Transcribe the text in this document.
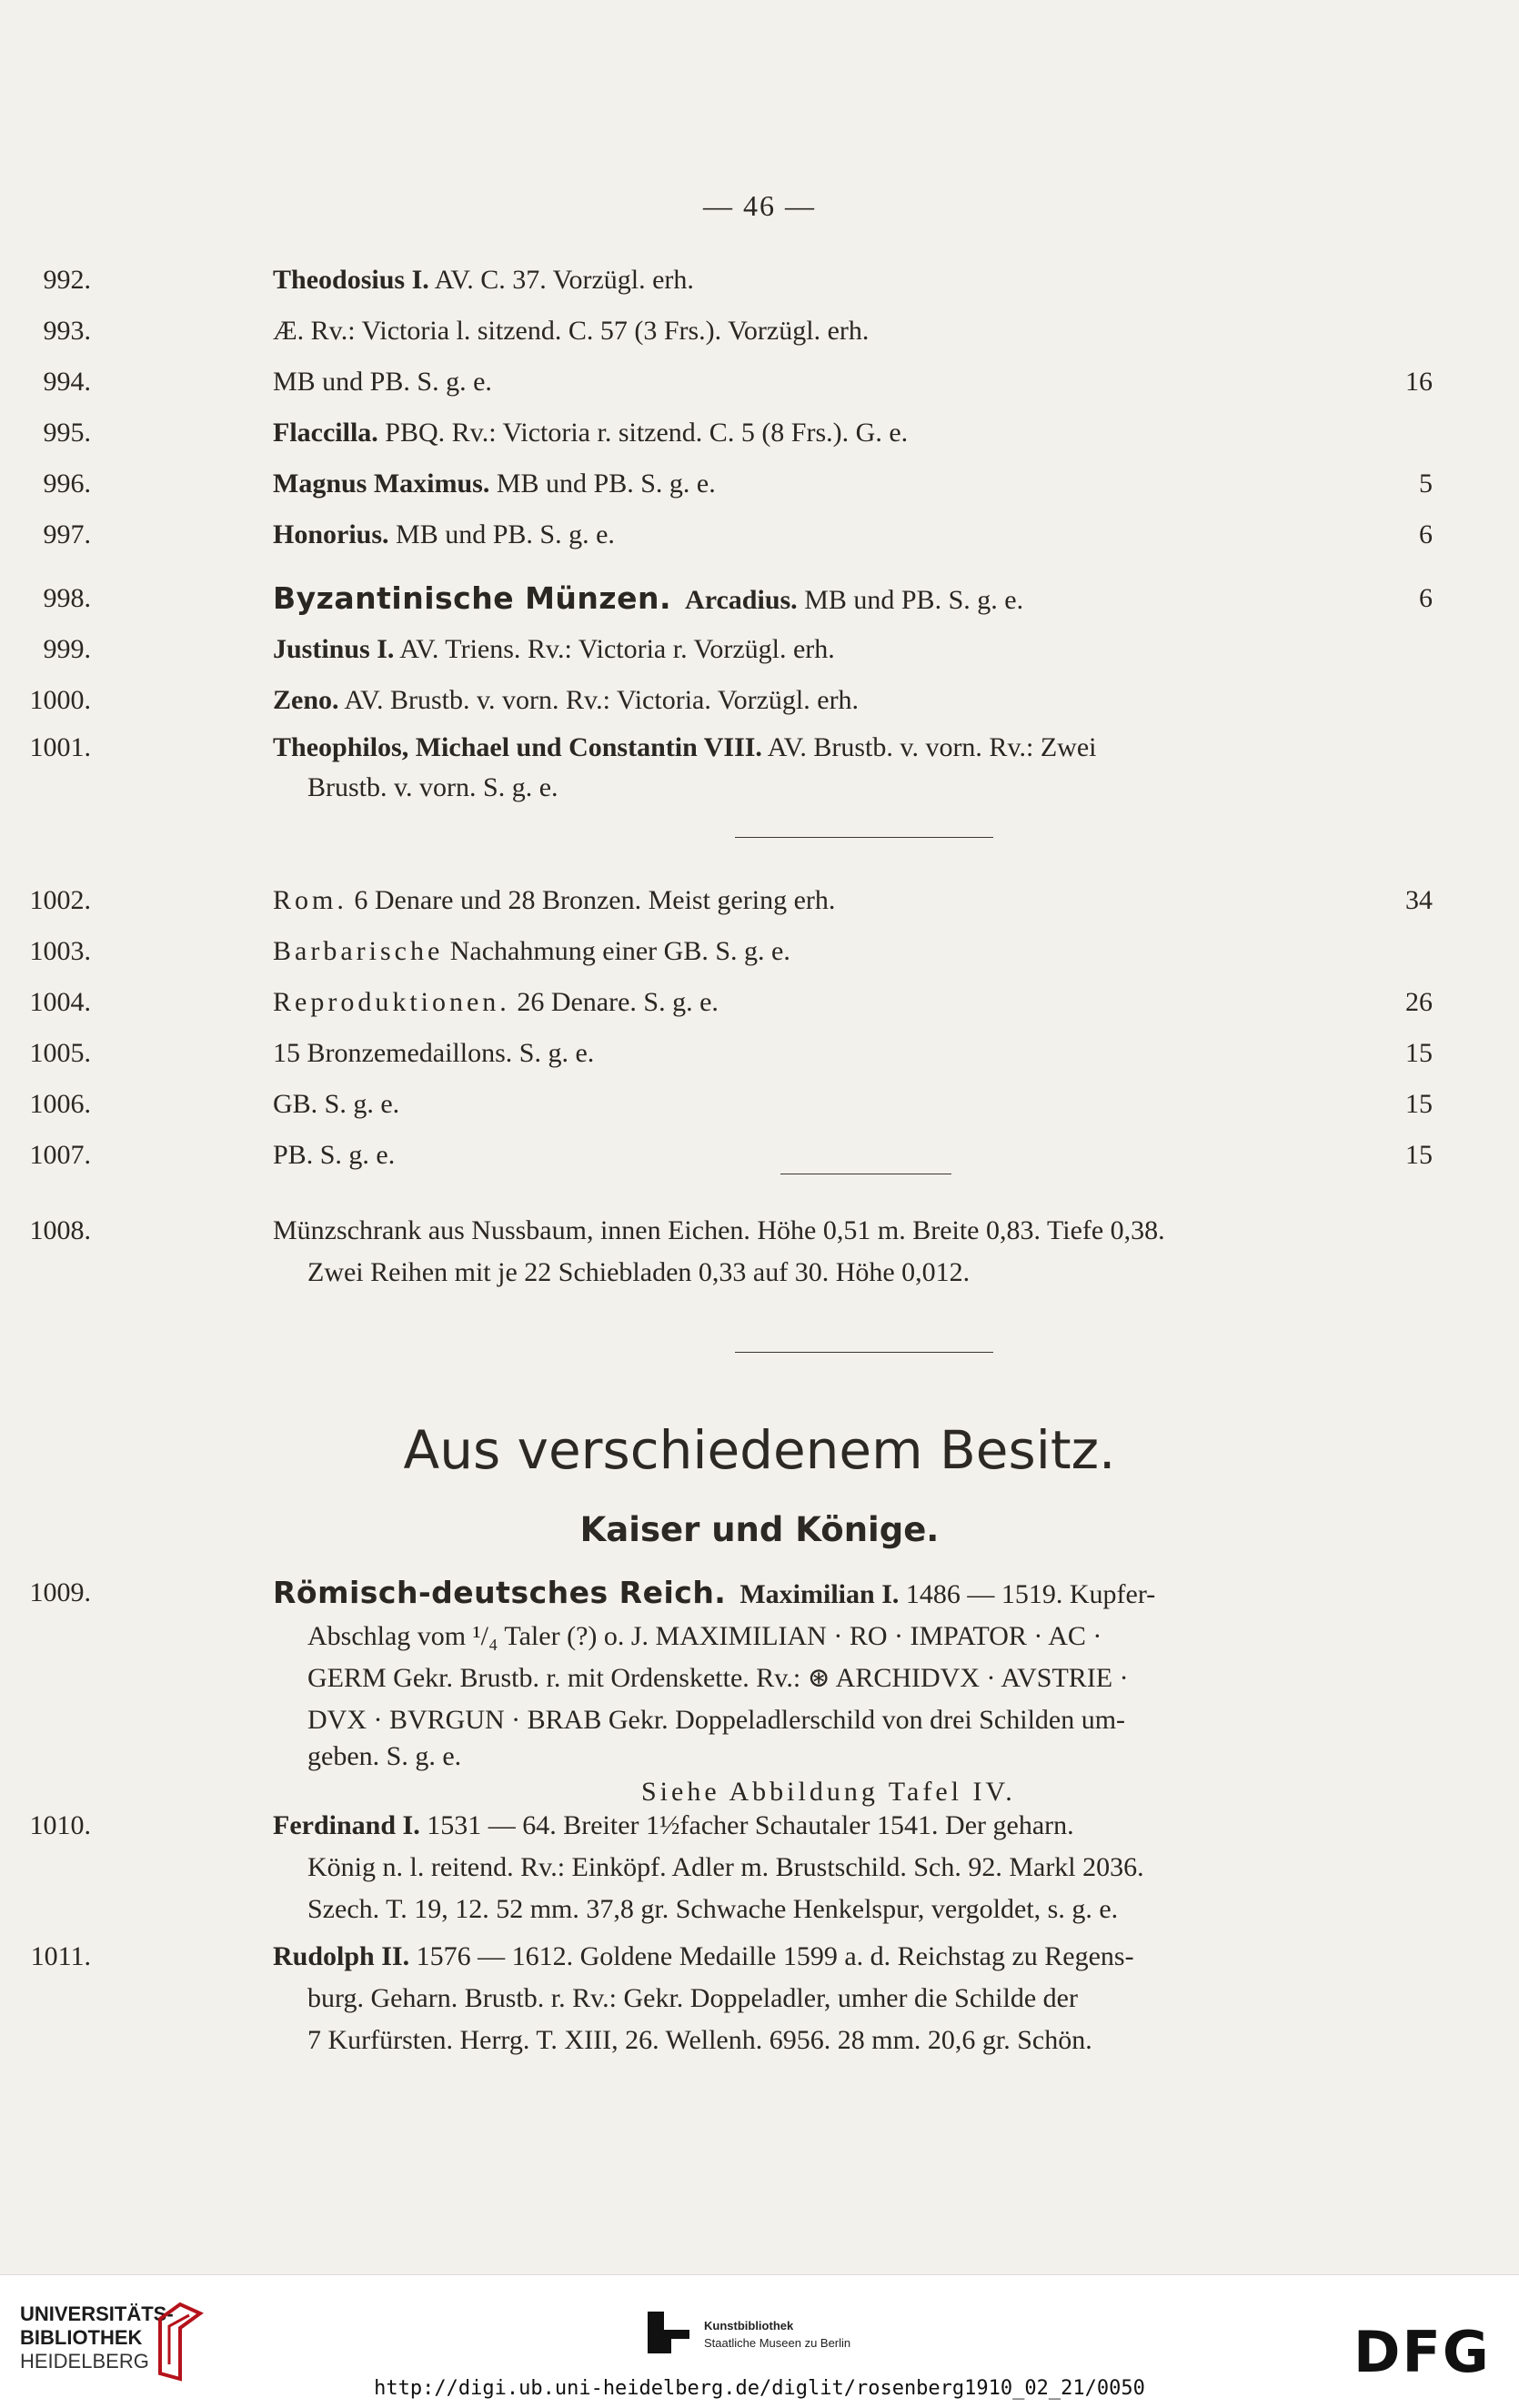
— 46 —
992.	Theodosius I. AV. C. 37. Vorzügl. erh.
993.	Æ. Rv.: Victoria l. sitzend. C. 57 (3 Frs.). Vorzügl. erh.
994.	MB und PB. S. g. e.	16
995.	Flaccilla. PBQ. Rv.: Victoria r. sitzend. C. 5 (8 Frs.). G. e.
996.	Magnus Maximus. MB und PB. S. g. e.	5
997.	Honorius. MB und PB. S. g. e.	6
998.	Byzantinische Münzen. Arcadius. MB und PB. S. g. e.	6
999.	Justinus I. AV. Triens. Rv.: Victoria r. Vorzügl. erh.
1000.	Zeno. AV. Brustb. v. vorn. Rv.: Victoria. Vorzügl. erh.
1001.	Theophilos, Michael und Constantin VIII. AV. Brustb. v. vorn. Rv.: Zwei
Brustb. v. vorn. S. g. e.
1002.	Rom. 6 Denare und 28 Bronzen. Meist gering erh.	34
1003.	Barbarische Nachahmung einer GB. S. g. e.
1004.	Reproduktionen. 26 Denare. S. g. e.	26
1005.	15 Bronzemedaillons. S. g. e.	15
1006.	GB. S. g. e.	15
1007.	PB. S. g. e.	15
1008.	Münzschrank aus Nussbaum, innen Eichen. Höhe 0,51 m. Breite 0,83. Tiefe 0,38.
Zwei Reihen mit je 22 Schiebladen 0,33 auf 30. Höhe 0,012.
Aus verschiedenem Besitz.
Kaiser und Könige.
1009.	Römisch-deutsches Reich. Maximilian I. 1486 — 1519. Kupfer-
Abschlag vom ¹/₄ Taler (?) o. J. MAXIMILIAN · RO · IMPATOR · AC ·
GERM Gekr. Brustb. r. mit Ordenskette. Rv.: ⊛ ARCHIDVX · AVSTRIE ·
DVX · BVRGUN · BRAB Gekr. Doppeladlerschild von drei Schilden um-
geben. S. g. e.
Siehe Abbildung Tafel IV.
1010.	Ferdinand I. 1531 — 64. Breiter 1½facher Schautaler 1541. Der geharn.
König n. l. reitend. Rv.: Einköpf. Adler m. Brustschild. Sch. 92. Markl 2036.
Szech. T. 19, 12. 52 mm. 37,8 gr. Schwache Henkelspur, vergoldet, s. g. e.
1011.	Rudolph II. 1576 — 1612. Goldene Medaille 1599 a. d. Reichstag zu Regens-
burg. Geharn. Brustb. r. Rv.: Gekr. Doppeladler, umher die Schilde der
7 Kurfürsten. Herrg. T. XIII, 26. Wellenh. 6956. 28 mm. 20,6 gr. Schön.
UNIVERSITÄTS-
BIBLIOTHEK
HEIDELBERG
Kunstbibliothek
Staatliche Museen zu Berlin	DFG
http://digi.ub.uni-heidelberg.de/diglit/rosenberg1910_02_21/0050
